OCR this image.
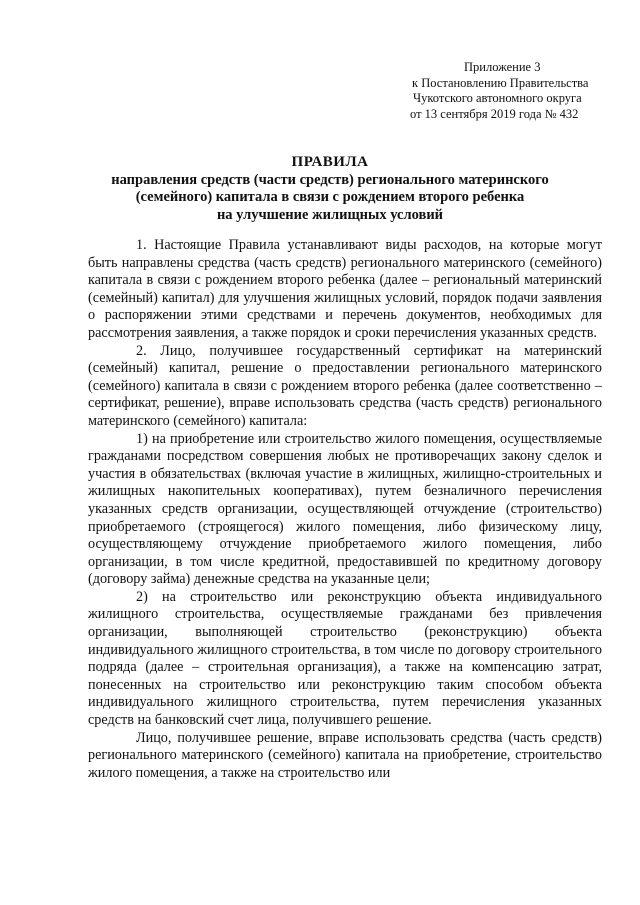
Приложение 3
к Постановлению Правительства
Чукотского автономного округа
от 13 сентября 2019 года № 432
ПРАВИЛА
направления средств (части средств) регионального материнского
(семейного) капитала в связи с рождением второго ребенка
на улучшение жилищных условий

1. Настоящие Правила устанавливают виды расходов, на которые могут быть направлены средства (часть средств) регионального материнского (семейного) капитала в связи с рождением второго ребенка (далее – региональный материнский (семейный) капитал) для улучшения жилищных условий, порядок подачи заявления о распоряжении этими средствами и перечень документов, необходимых для рассмотрения заявления, а также порядок и сроки перечисления указанных средств.

2. Лицо, получившее государственный сертификат на материнский (семейный) капитал, решение о предоставлении регионального материнского (семейного) капитала в связи с рождением второго ребенка (далее соответственно – сертификат, решение), вправе использовать средства (часть средств) регионального материнского (семейного) капитала:

1) на приобретение или строительство жилого помещения, осуществляемые гражданами посредством совершения любых не противоречащих закону сделок и участия в обязательствах (включая участие в жилищных, жилищно-строительных и жилищных накопительных кооперативах), путем безналичного перечисления указанных средств организации, осуществляющей отчуждение (строительство) приобретаемого (строящегося) жилого помещения, либо физическому лицу, осуществляющему отчуждение приобретаемого жилого помещения, либо организации, в том числе кредитной, предоставившей по кредитному договору (договору займа) денежные средства на указанные цели;

2) на строительство или реконструкцию объекта индивидуального жилищного строительства, осуществляемые гражданами без привлечения организации, выполняющей строительство (реконструкцию) объекта индивидуального жилищного строительства, в том числе по договору строительного подряда (далее – строительная организация), а также на компенсацию затрат, понесенных на строительство или реконструкцию таким способом объекта индивидуального жилищного строительства, путем перечисления указанных средств на банковский счет лица, получившего решение.

Лицо, получившее решение, вправе использовать средства (часть средств) регионального материнского (семейного) капитала на приобретение, строительство жилого помещения, а также на строительство или
